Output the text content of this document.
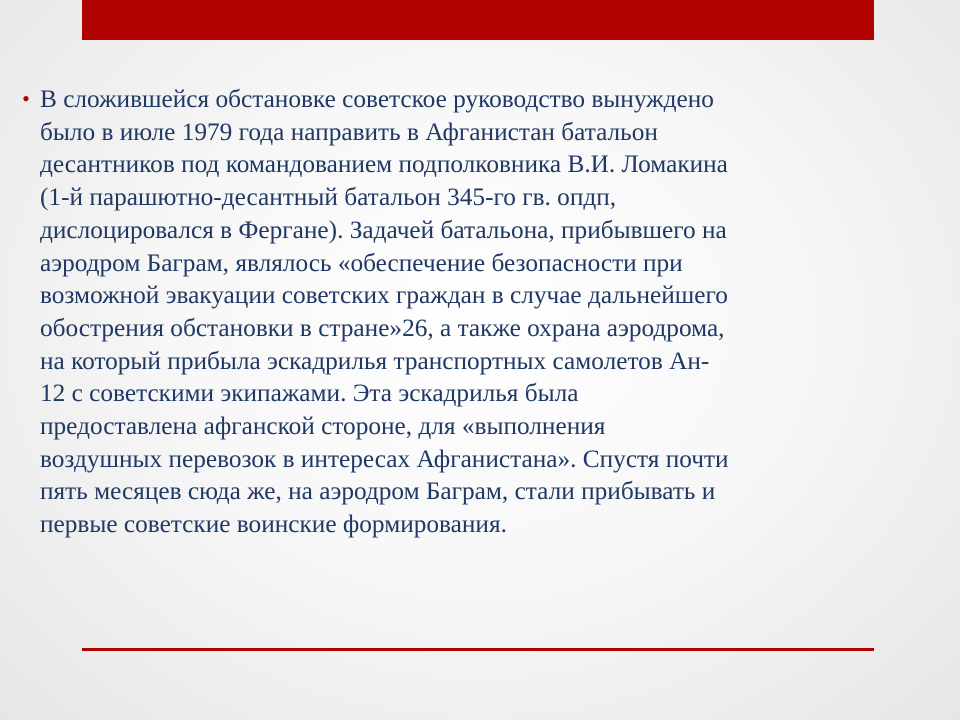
• В сложившейся обстановке советское руководство вынуждено
было в июле 1979 года направить в Афганистан батальон
десантников под командованием подполковника В.И. Ломакина
(1-й парашютно-десантный батальон 345-го гв. опдп,
дислоцировался в Фергане). Задачей батальона, прибывшего на
аэродром Баграм, являлось «обеспечение безопасности при
возможной эвакуации советских граждан в случае дальнейшего
обострения обстановки в стране»26, а также охрана аэродрома,
на который прибыла эскадрилья транспортных самолетов Ан-
12 с советскими экипажами. Эта эскадрилья была
предоставлена афганской стороне, для «выполнения
воздушных перевозок в интересах Афганистана». Спустя почти
пять месяцев сюда же, на аэродром Баграм, стали прибывать и
первые советские воинские формирования.
